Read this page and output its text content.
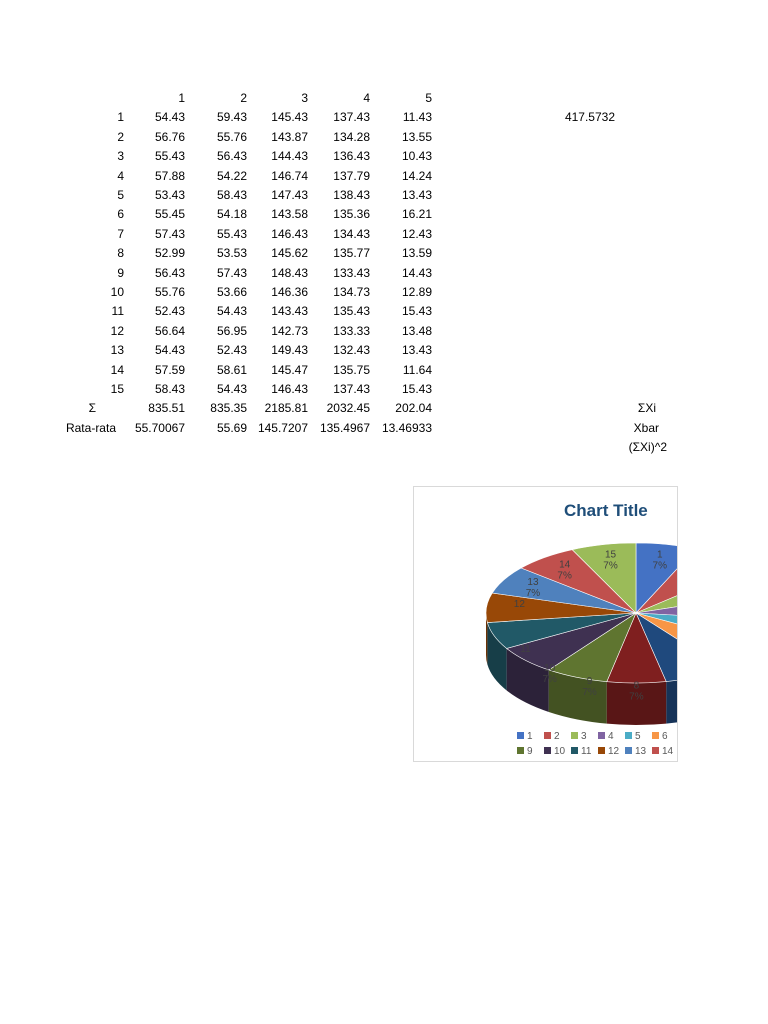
1	2	3	4	5
1	54.43	59.43 145.43 137.43	11.43
2	56.76	55.76 143.87 134.28	13.55
3	55.43	56.43 144.43 136.43	10.43
4	57.88	54.22 146.74 137.79	14.24
5	53.43	58.43 147.43 138.43	13.43
6	55.45	54.18 143.58 135.36	16.21
7	57.43	55.43 146.43 134.43	12.43
8	52.99	53.53 145.62 135.77	13.59
9	56.43	57.43 148.43 133.43	14.43
10	55.76	53.66 146.36 134.73	12.89
11	52.43	54.43 143.43 135.43	15.43
12	56.64	56.95 142.73 133.33	13.48
13	54.43	52.43 149.43 132.43	13.43
14	57.59	58.61 145.47 135.75	11.64
15	58.43	54.43 146.43 137.43	15.43
Σ	835.51 835.35 2185.81 2032.45 202.04
Rata-rata 55.70067	55.69 145.7207 135.4967 13.46933
417.5732
ΣXi
Xbar
(ΣXi)^2
Chart Title
1 7%
8 7%
9 7%
10 7%
11
12
13 7%
14 7%
15 7%
1	2	3	4	5	6
9	10	11	12	13	14
